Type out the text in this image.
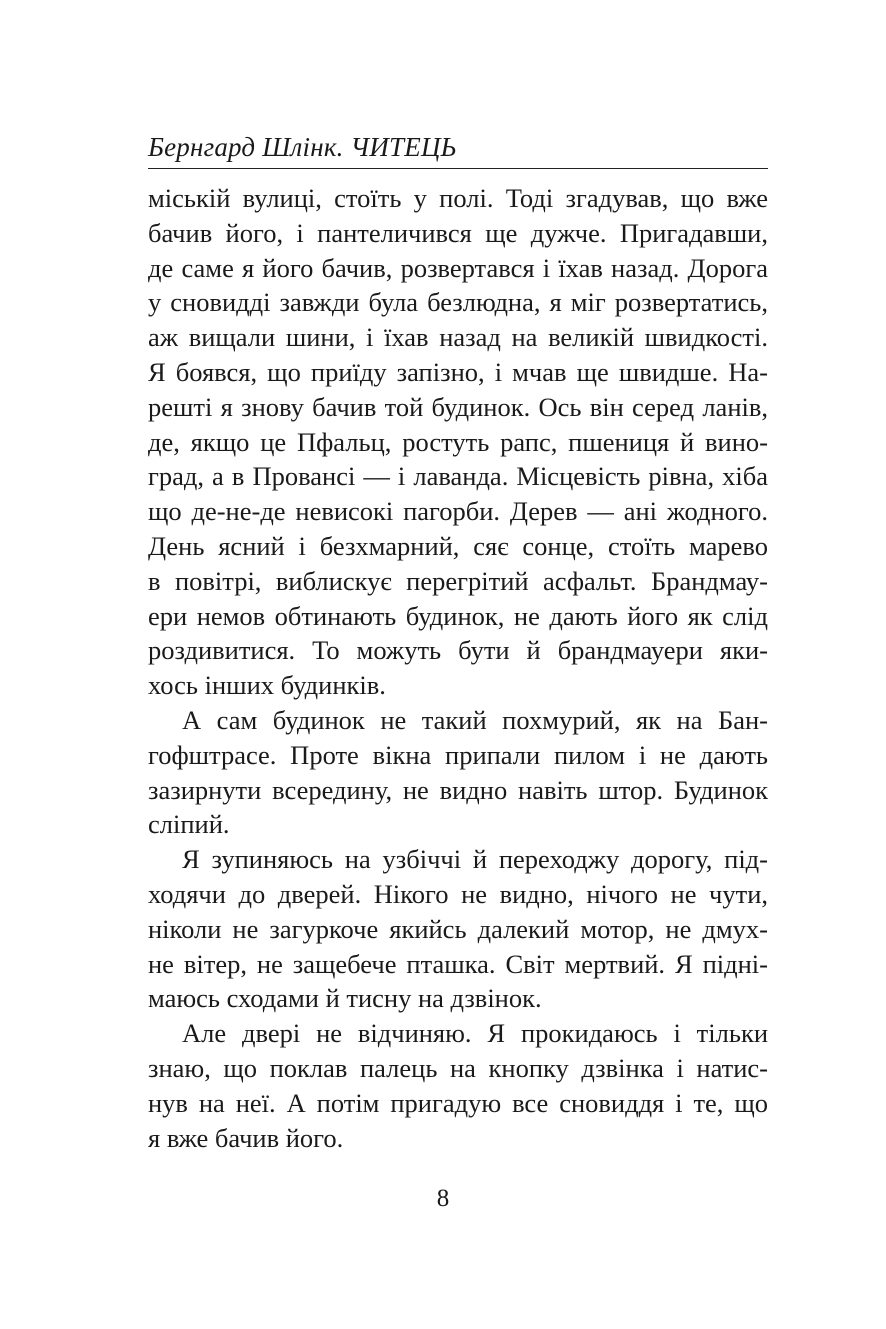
Бернгард Шлінк. ЧИТЕЦЬ
міській вулиці, стоїть у полі. Тоді згадував, що вже
бачив його, і пантеличився ще дужче. Пригадавши,
де саме я його бачив, розвертався і їхав назад. Дорога
у сновидді завжди була безлюдна, я міг розвертатись,
аж вищали шини, і їхав назад на великій швидкості.
Я боявся, що приїду запізно, і мчав ще швидше. На-
решті я знову бачив той будинок. Ось він серед ланів,
де, якщо це Пфальц, ростуть рапс, пшениця й вино-
град, а в Провансі — і лаванда. Місцевість рівна, хіба
що де-не-де невисокі пагорби. Дерев — ані жодного.
День ясний і безхмарний, сяє сонце, стоїть марево
в повітрі, виблискує перегрітий асфальт. Брандмау-
ери немов обтинають будинок, не дають його як слід
роздивитися. То можуть бути й брандмауери яки-
хось інших будинків.
А сам будинок не такий похмурий, як на Бан-
гофштрасе. Проте вікна припали пилом і не дають
зазирнути всередину, не видно навіть штор. Будинок
сліпий.
Я зупиняюсь на узбіччі й переходжу дорогу, під-
ходячи до дверей. Нікого не видно, нічого не чути,
ніколи не загуркоче якийсь далекий мотор, не дмух-
не вітер, не защебече пташка. Світ мертвий. Я підні-
маюсь сходами й тисну на дзвінок.
Але двері не відчиняю. Я прокидаюсь і тільки
знаю, що поклав палець на кнопку дзвінка і натис-
нув на неї. А потім пригадую все сновиддя і те, що
я вже бачив його.
8
